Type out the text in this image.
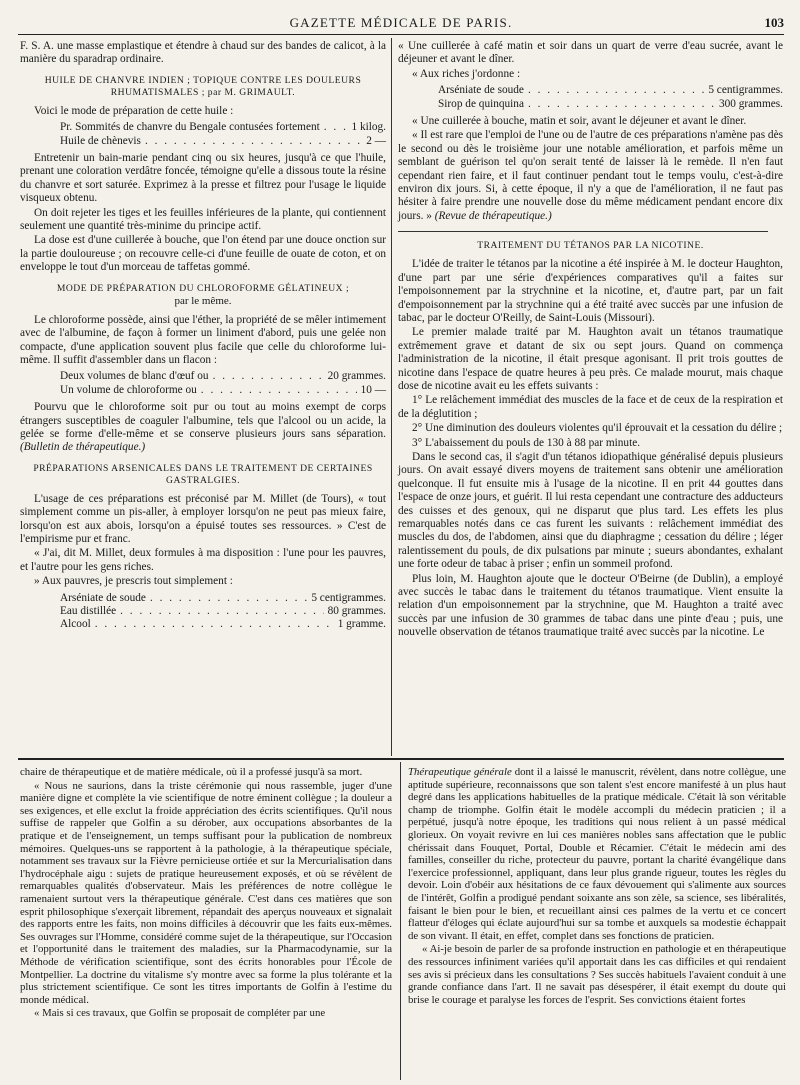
GAZETTE MÉDICALE DE PARIS.	103

F. S. A. une masse emplastique et étendre à chaud sur des bandes de calicot, à la manière du sparadrap ordinaire.

HUILE DE CHANVRE INDIEN ; TOPIQUE CONTRE LES DOULEURS RHUMATISMALES ; par M. GRIMAULT.

Voici le mode de préparation de cette huile :

Pr. Sommités de chanvre du Bengale contusées fortement . . .	1 kilog.
Huile de chènevis . . .	2 —

Entretenir un bain-marie pendant cinq ou six heures, jusqu'à ce que l'huile, prenant une coloration verdâtre foncée, témoigne qu'elle a dissous toute la résine du chanvre et sort saturée. Exprimez à la presse et filtrez pour l'usage le liquide visqueux obtenu.

On doit rejeter les tiges et les feuilles inférieures de la plante, qui contiennent seulement une quantité très-minime du principe actif.

La dose est d'une cuillerée à bouche, que l'on étend par une douce onction sur la partie douloureuse ; on recouvre celle-ci d'une feuille de ouate de coton, et on enveloppe le tout d'un morceau de taffetas gommé.

MODE DE PRÉPARATION DU CHLOROFORME GÉLATINEUX ;
par le même.

Le chloroforme possède, ainsi que l'éther, la propriété de se mêler intimement avec de l'albumine, de façon à former un liniment d'abord, puis une gelée non compacte, d'une application souvent plus facile que celle du chloroforme lui-même. Il suffit d'assembler dans un flacon :

Deux volumes de blanc d'œuf ou . . .	20 grammes.
Un volume de chloroforme ou . . .	10 —

Pourvu que le chloroforme soit pur ou tout au moins exempt de corps étrangers susceptibles de coaguler l'albumine, tels que l'alcool ou un acide, la gelée se forme d'elle-même et se conserve plusieurs jours sans séparation. (Bulletin de thérapeutique.)

PRÉPARATIONS ARSENICALES DANS LE TRAITEMENT DE CERTAINES GASTRALGIES.

L'usage de ces préparations est préconisé par M. Millet (de Tours), « tout simplement comme un pis-aller, à employer lorsqu'on ne peut pas mieux faire, lorsqu'on est aux abois, lorsqu'on a épuisé toutes ses ressources. » C'est de l'empirisme pur et franc.

« J'ai, dit M. Millet, deux formules à ma disposition : l'une pour les pauvres, et l'autre pour les gens riches.

» Aux pauvres, je prescris tout simplement :

Arséniate de soude . . .	5 centigrammes.
Eau distillée . . .	80 grammes.
Alcool . . .	1 gramme.

« Une cuillerée à café matin et soir dans un quart de verre d'eau sucrée, avant le déjeuner et avant le dîner.

« Aux riches j'ordonne :

Arséniate de soude . . .	5 centigrammes.
Sirop de quinquina . . .	300 grammes.

« Une cuillerée à bouche, matin et soir, avant le déjeuner et avant le dîner.

« Il est rare que l'emploi de l'une ou de l'autre de ces préparations n'amène pas dès le second ou dès le troisième jour une notable amélioration, et parfois même un semblant de guérison tel qu'on serait tenté de laisser là le remède. Il n'en faut cependant rien faire, et il faut continuer pendant tout le temps voulu, c'est-à-dire environ dix jours. Si, à cette époque, il n'y a que de l'amélioration, il ne faut pas hésiter à faire prendre une nouvelle dose du même médicament pendant encore dix jours. » (Revue de thérapeutique.)

TRAITEMENT DU TÉTANOS PAR LA NICOTINE.

L'idée de traiter le tétanos par la nicotine a été inspirée à M. le docteur Haughton, d'une part par une série d'expériences comparatives qu'il a faites sur l'empoisonnement par la strychnine et la nicotine, et, d'autre part, par un fait d'empoisonnement par la strychnine qui a été traité avec succès par une infusion de tabac, par le docteur O'Reilly, de Saint-Louis (Missouri).

Le premier malade traité par M. Haughton avait un tétanos traumatique extrêmement grave et datant de six ou sept jours. Quand on commença l'administration de la nicotine, il était presque agonisant. Il prit trois gouttes de nicotine dans l'espace de quatre heures à peu près. Ce malade mourut, mais chaque dose de nicotine avait eu les effets suivants :

1° Le relâchement immédiat des muscles de la face et de ceux de la respiration et de la déglutition ;

2° Une diminution des douleurs violentes qu'il éprouvait et la cessation du délire ;

3° L'abaissement du pouls de 130 à 88 par minute.

Dans le second cas, il s'agit d'un tétanos idiopathique généralisé depuis plusieurs jours. On avait essayé divers moyens de traitement sans obtenir une amélioration quelconque. Il fut ensuite mis à l'usage de la nicotine. Il en prit 44 gouttes dans l'espace de onze jours, et guérit. Il lui resta cependant une contracture des adducteurs des cuisses et des genoux, qui ne disparut que plus tard. Les effets les plus remarquables notés dans ce cas furent les suivants : relâchement immédiat des muscles du dos, de l'abdomen, ainsi que du diaphragme ; cessation du délire ; léger ralentissement du pouls, de dix pulsations par minute ; sueurs abondantes, exhalant une forte odeur de tabac à priser ; enfin un sommeil profond.

Plus loin, M. Haughton ajoute que le docteur O'Beirne (de Dublin), a employé avec succès le tabac dans le traitement du tétanos traumatique. Vient ensuite la relation d'un empoisonnement par la strychnine, que M. Haughton a traité avec succès par une infusion de 30 grammes de tabac dans une pinte d'eau ; puis, une nouvelle observation de tétanos traumatique traité avec succès par la nicotine. Le

chaire de thérapeutique et de matière médicale, où il a professé jusqu'à sa mort.

« Nous ne saurions, dans la triste cérémonie qui nous rassemble, juger d'une manière digne et complète la vie scientifique de notre éminent collègue ; la douleur a ses exigences, et elle exclut la froide appréciation des écrits scientifiques. Qu'il nous suffise de rappeler que Golfin a su dérober, aux occupations absorbantes de la pratique et de l'enseignement, un temps suffisant pour la publication de nombreux mémoires. Quelques-uns se rapportent à la pathologie, à la thérapeutique spéciale, notamment ses travaux sur la Fièvre pernicieuse ortiée et sur la Mercurialisation dans l'hydrocéphale aigu : sujets de pratique heureusement exposés, et où se révèlent de remarquables qualités d'observateur. Mais les préférences de notre collègue le ramenaient surtout vers la thérapeutique générale. C'est dans ces matières que son esprit philosophique s'exerçait librement, répandait des aperçus nouveaux et signalait des rapports entre les faits, non moins difficiles à découvrir que les faits eux-mêmes. Ses ouvrages sur l'Homme, considéré comme sujet de la thérapeutique, sur l'Occasion et l'opportunité dans le traitement des maladies, sur la Pharmacodynamie, sur la Méthode de vérification scientifique, sont des écrits honorables pour l'École de Montpellier. La doctrine du vitalisme s'y montre avec sa forme la plus tolérante et la plus strictement scientifique. Ce sont les titres importants de Golfin à l'estime du monde médical.

« Mais si ces travaux, que Golfin se proposait de compléter par une

Thérapeutique générale dont il a laissé le manuscrit, révèlent, dans notre collègue, une aptitude supérieure, reconnaissons que son talent s'est encore manifesté à un plus haut degré dans les applications habituelles de la pratique médicale. C'était là son véritable champ de triomphe. Golfin était le modèle accompli du médecin praticien ; il a perpétué, jusqu'à notre époque, les traditions qui nous relient à un passé médical glorieux. On voyait revivre en lui ces manières nobles sans affectation que le public chérissait dans Fouquet, Portal, Double et Récamier. C'était le médecin ami des familles, conseiller du riche, protecteur du pauvre, portant la charité évangélique dans l'exercice professionnel, appliquant, dans leur plus grande rigueur, toutes les règles du devoir. Loin d'obéir aux hésitations de ce faux dévouement qui s'alimente aux sources de l'intérêt, Golfin a prodigué pendant soixante ans son zèle, sa science, ses libéralités, faisant le bien pour le bien, et recueillant ainsi ces palmes de la vertu et ce concert flatteur d'éloges qui éclate aujourd'hui sur sa tombe et auxquels sa modestie échappait de son vivant. Il était, en effet, complet dans ses fonctions de praticien.

« Ai-je besoin de parler de sa profonde instruction en pathologie et en thérapeutique des ressources infiniment variées qu'il apportait dans les cas difficiles et qui rendaient ses avis si précieux dans les consultations ? Ses succès habituels l'avaient conduit à une grande confiance dans l'art. Il ne savait pas désespérer, il était exempt du doute qui brise le courage et paralyse les forces de l'esprit. Ses convictions étaient fortes
